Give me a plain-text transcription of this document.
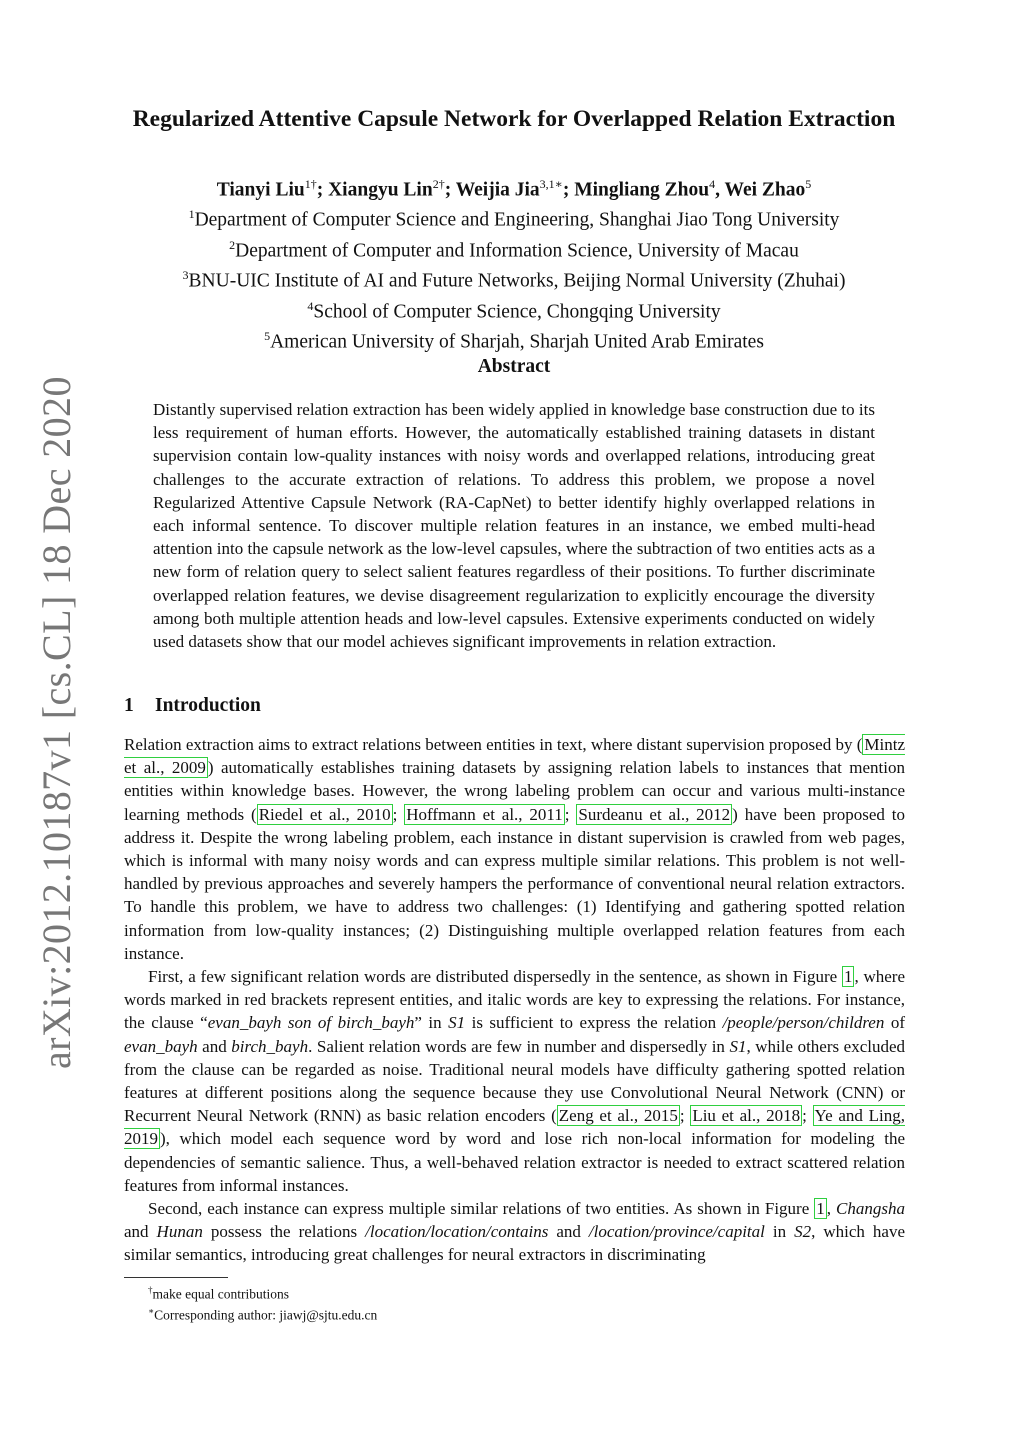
arXiv:2012.10187v1 [cs.CL] 18 Dec 2020
Regularized Attentive Capsule Network for Overlapped Relation Extraction

Tianyi Liu$^{1\dagger}$; Xiangyu Lin$^{2\dagger}$; Weijia Jia$^{3,1∗}$; Mingliang Zhou$^4$, Wei Zhao$^5$

$^1$Department of Computer Science and Engineering, Shanghai Jiao Tong University
$^2$Department of Computer and Information Science, University of Macau
$^3$BNU-UIC Institute of AI and Future Networks, Beijing Normal University (Zhuhai)
$^4$School of Computer Science, Chongqing University
$^5$American University of Sharjah, Sharjah United Arab Emirates
Abstract

Distantly supervised relation extraction has been widely applied in knowledge base construction due to its less requirement of human efforts. However, the automatically established training datasets in distant supervision contain low-quality instances with noisy words and overlapped relations, introducing great challenges to the accurate extraction of relations. To address this problem, we propose a novel Regularized Attentive Capsule Network (RA-CapNet) to better identify highly overlapped relations in each informal sentence. To discover multiple relation features in an instance, we embed multi-head attention into the capsule network as the low-level capsules, where the subtraction of two entities acts as a new form of relation query to select salient features regardless of their positions. To further discriminate overlapped relation features, we devise disagreement regularization to explicitly encourage the diversity among both multiple attention heads and low-level capsules. Extensive experiments conducted on widely used datasets show that our model achieves significant improvements in relation extraction.

1 Introduction

Relation extraction aims to extract relations between entities in text, where distant supervision proposed by ( Mintz et al., 2009 ) automatically establishes training datasets by assigning relation labels to instances that mention entities within knowledge bases. However, the wrong labeling problem can occur and various multi-instance learning methods ( Riedel et al., 2010 ; Hoffmann et al., 2011 ; Surdeanu et al., 2012 ) have been proposed to address it. Despite the wrong labeling problem, each instance in distant supervision is crawled from web pages, which is informal with many noisy words and can express multiple similar relations. This problem is not well-handled by previous approaches and severely hampers the performance of conventional neural relation extractors. To handle this problem, we have to address two challenges: (1) Identifying and gathering spotted relation information from low-quality instances; (2) Distinguishing multiple overlapped relation features from each instance.

First, a few significant relation words are distributed dispersedly in the sentence, as shown in Figure 1 , where words marked in red brackets represent entities, and italic words are key to expressing the relations. For instance, the clause “evan_bayh son of birch_bayh” in S1 is sufficient to express the relation /people/person/children of evan_bayh and birch_bayh. Salient relation words are few in number and dispersedly in S1, while others excluded from the clause can be regarded as noise. Traditional neural models have difficulty gathering spotted relation features at different positions along the sequence because they use Convolutional Neural Network (CNN) or Recurrent Neural Network (RNN) as basic relation encoders ( Zeng et al., 2015 ; Liu et al., 2018 ; Ye and Ling, 2019 ), which model each sequence word by word and lose rich non-local information for modeling the dependencies of semantic salience. Thus, a well-behaved relation extractor is needed to extract scattered relation features from informal instances.

Second, each instance can express multiple similar relations of two entities. As shown in Figure 1 , Changsha and Hunan possess the relations /location/location/contains and /location/province/capital in S2, which have similar semantics, introducing great challenges for neural extractors in discriminating

†make equal contributions
∗Corresponding author: jiawj@sjtu.edu.cn
